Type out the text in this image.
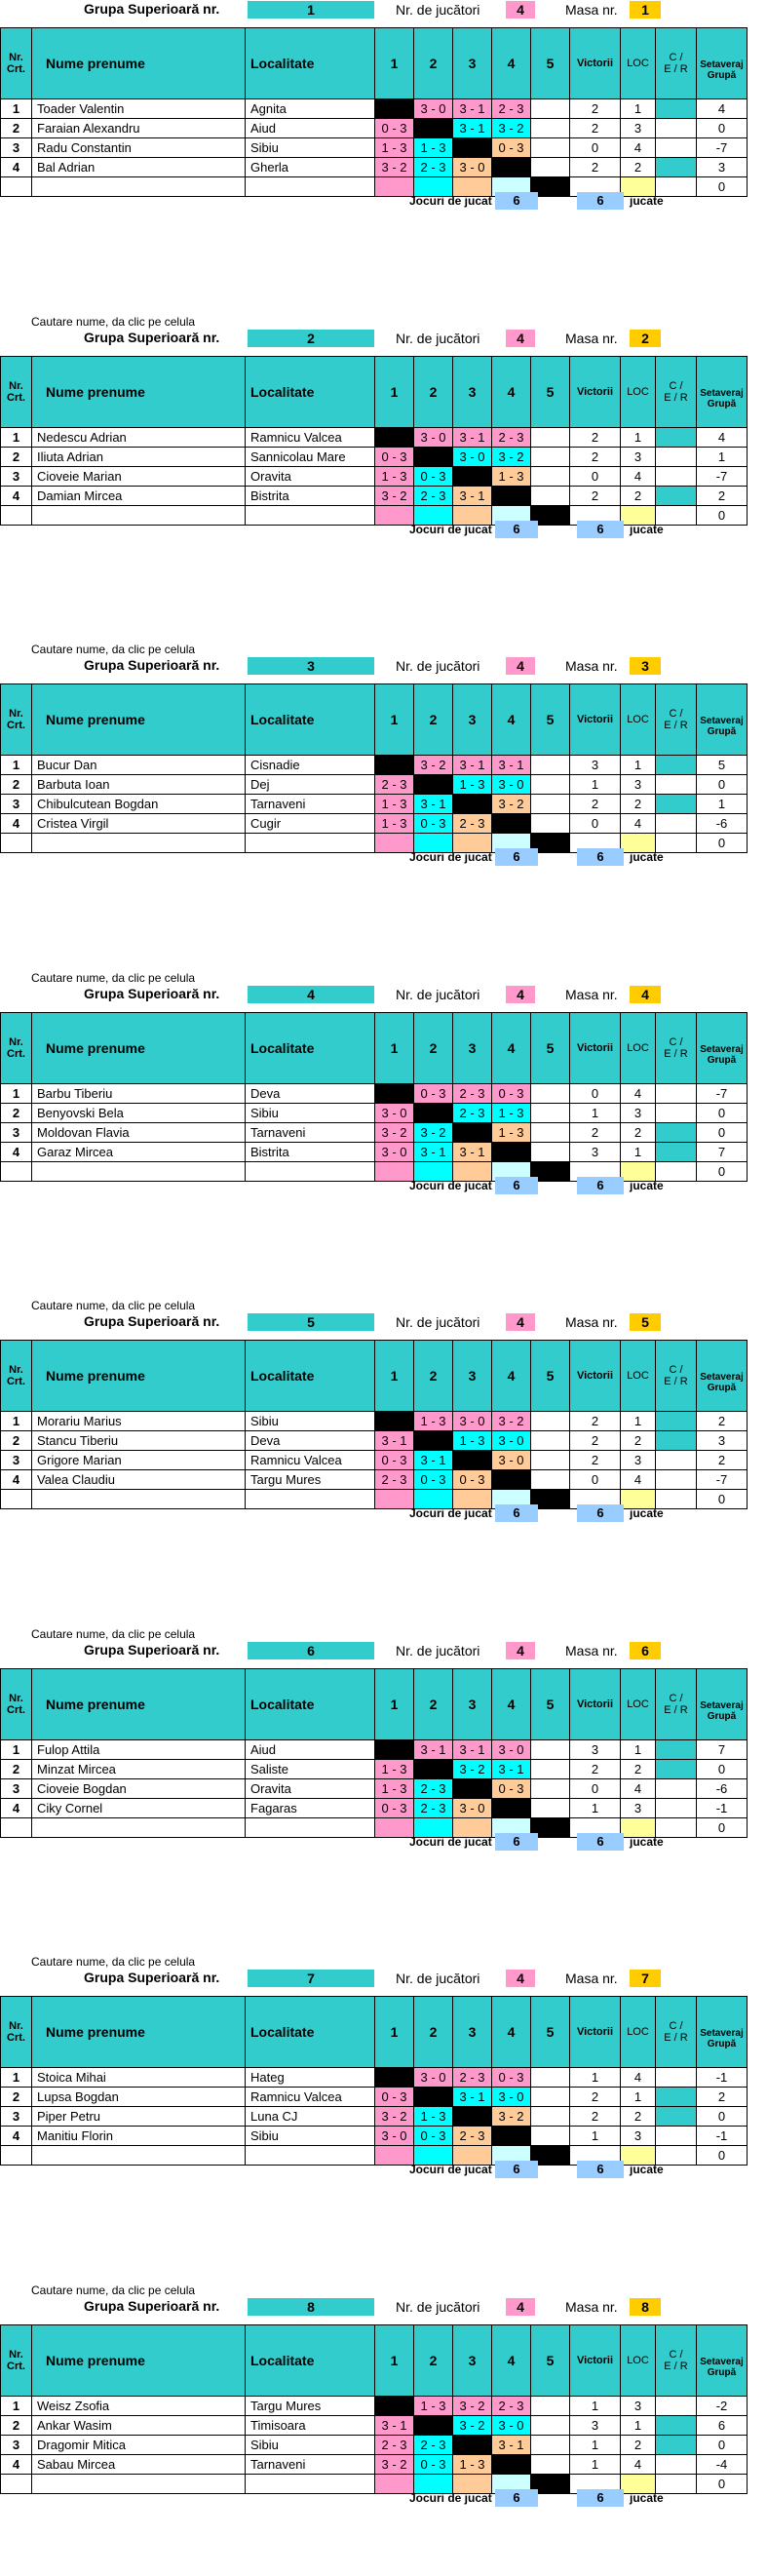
Grupa Superioară nr.	1	Nr. de jucători	4	Masa nr.	1
Nr.
Crt.	Nume prenume	Localitate	1	2	3	4	5	Victorii	LOC	C /
E / R	Setaveraj
Grupă
1	Toader Valentin	Agnita		3 - 0	3 - 1	2 - 3		2	1		4
2	Faraian Alexandru	Aiud	0 - 3		3 - 1	3 - 2		2	3		0
3	Radu Constantin	Sibiu	1 - 3	1 - 3		0 - 3		0	4		-7
4	Bal Adrian	Gherla	3 - 2	2 - 3	3 - 0			2	2		3
											0
Jocuri de jucat	6	6	jucate
Cautare nume, da clic pe celula
Grupa Superioară nr.	2	Nr. de jucători	4	Masa nr.	2
Nr.
Crt.	Nume prenume	Localitate	1	2	3	4	5	Victorii	LOC	C /
E / R	Setaveraj
Grupă
1	Nedescu Adrian	Ramnicu Valcea		3 - 0	3 - 1	2 - 3		2	1		4
2	Iliuta Adrian	Sannicolau Mare	0 - 3		3 - 0	3 - 2		2	3		1
3	Cioveie Marian	Oravita	1 - 3	0 - 3		1 - 3		0	4		-7
4	Damian Mircea	Bistrita	3 - 2	2 - 3	3 - 1			2	2		2
											0
Jocuri de jucat	6	6	jucate
Cautare nume, da clic pe celula
Grupa Superioară nr.	3	Nr. de jucători	4	Masa nr.	3
Nr.
Crt.	Nume prenume	Localitate	1	2	3	4	5	Victorii	LOC	C /
E / R	Setaveraj
Grupă
1	Bucur Dan	Cisnadie		3 - 2	3 - 1	3 - 1		3	1		5
2	Barbuta Ioan	Dej	2 - 3		1 - 3	3 - 0		1	3		0
3	Chibulcutean Bogdan	Tarnaveni	1 - 3	3 - 1		3 - 2		2	2		1
4	Cristea Virgil	Cugir	1 - 3	0 - 3	2 - 3			0	4		-6
											0
Jocuri de jucat	6	6	jucate
Cautare nume, da clic pe celula
Grupa Superioară nr.	4	Nr. de jucători	4	Masa nr.	4
Nr.
Crt.	Nume prenume	Localitate	1	2	3	4	5	Victorii	LOC	C /
E / R	Setaveraj
Grupă
1	Barbu Tiberiu	Deva		0 - 3	2 - 3	0 - 3		0	4		-7
2	Benyovski Bela	Sibiu	3 - 0		2 - 3	1 - 3		1	3		0
3	Moldovan Flavia	Tarnaveni	3 - 2	3 - 2		1 - 3		2	2		0
4	Garaz Mircea	Bistrita	3 - 0	3 - 1	3 - 1			3	1		7
											0
Jocuri de jucat	6	6	jucate
Cautare nume, da clic pe celula
Grupa Superioară nr.	5	Nr. de jucători	4	Masa nr.	5
Nr.
Crt.	Nume prenume	Localitate	1	2	3	4	5	Victorii	LOC	C /
E / R	Setaveraj
Grupă
1	Morariu Marius	Sibiu		1 - 3	3 - 0	3 - 2		2	1		2
2	Stancu Tiberiu	Deva	3 - 1		1 - 3	3 - 0		2	2		3
3	Grigore Marian	Ramnicu Valcea	0 - 3	3 - 1		3 - 0		2	3		2
4	Valea Claudiu	Targu Mures	2 - 3	0 - 3	0 - 3			0	4		-7
											0
Jocuri de jucat	6	6	jucate
Cautare nume, da clic pe celula
Grupa Superioară nr.	6	Nr. de jucători	4	Masa nr.	6
Nr.
Crt.	Nume prenume	Localitate	1	2	3	4	5	Victorii	LOC	C /
E / R	Setaveraj
Grupă
1	Fulop Attila	Aiud		3 - 1	3 - 1	3 - 0		3	1		7
2	Minzat Mircea	Saliste	1 - 3		3 - 2	3 - 1		2	2		0
3	Cioveie Bogdan	Oravita	1 - 3	2 - 3		0 - 3		0	4		-6
4	Ciky Cornel	Fagaras	0 - 3	2 - 3	3 - 0			1	3		-1
											0
Jocuri de jucat	6	6	jucate
Cautare nume, da clic pe celula
Grupa Superioară nr.	7	Nr. de jucători	4	Masa nr.	7
Nr.
Crt.	Nume prenume	Localitate	1	2	3	4	5	Victorii	LOC	C /
E / R	Setaveraj
Grupă
1	Stoica Mihai	Hateg		3 - 0	2 - 3	0 - 3		1	4		-1
2	Lupsa Bogdan	Ramnicu Valcea	0 - 3		3 - 1	3 - 0		2	1		2
3	Piper Petru	Luna CJ	3 - 2	1 - 3		3 - 2		2	2		0
4	Manitiu Florin	Sibiu	3 - 0	0 - 3	2 - 3			1	3		-1
											0
Jocuri de jucat	6	6	jucate
Cautare nume, da clic pe celula
Grupa Superioară nr.	8	Nr. de jucători	4	Masa nr.	8
Nr.
Crt.	Nume prenume	Localitate	1	2	3	4	5	Victorii	LOC	C /
E / R	Setaveraj
Grupă
1	Weisz Zsofia	Targu Mures		1 - 3	3 - 2	2 - 3		1	3		-2
2	Ankar Wasim	Timisoara	3 - 1		3 - 2	3 - 0		3	1		6
3	Dragomir Mitica	Sibiu	2 - 3	2 - 3		3 - 1		1	2		0
4	Sabau Mircea	Tarnaveni	3 - 2	0 - 3	1 - 3			1	4		-4
											0
Jocuri de jucat	6	6	jucate
